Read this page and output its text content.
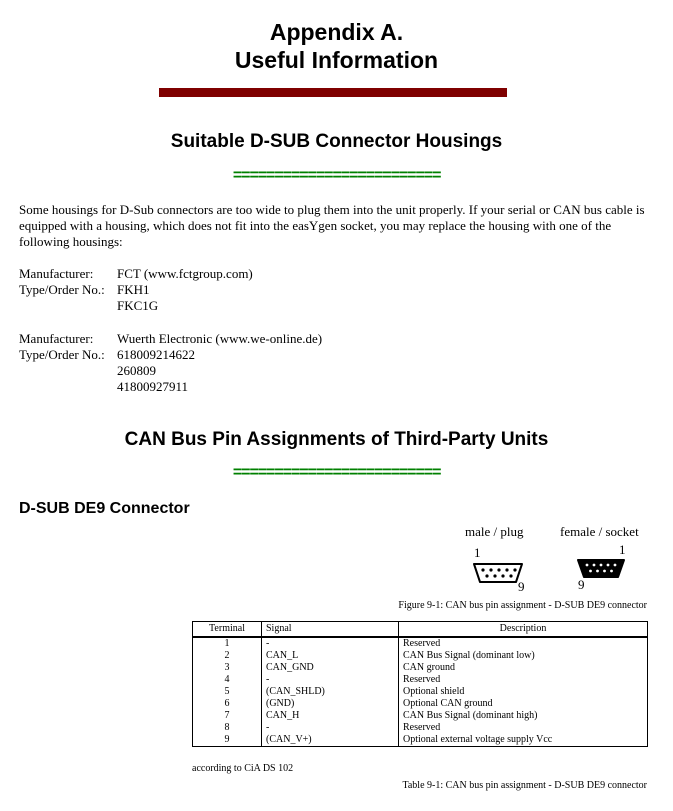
Appendix A.
Useful Information
Suitable D-SUB Connector Housings
=========================
Some housings for D-Sub connectors are too wide to plug them into the unit properly. If your serial or CAN bus cable is equipped with a housing, which does not fit into the easYgen socket, you may replace the housing with one of the following housings:
Manufacturer:	FCT (www.fctgroup.com)
Type/Order No.: FKH1
FKC1G
Manufacturer:	Wuerth Electronic (www.we-online.de)
Type/Order No.: 618009214622
260809
41800927911
CAN Bus Pin Assignments of Third-Party Units
=========================
D-SUB DE9 Connector
male / plug	female / socket
1
9
1
9
Figure 9-1: CAN bus pin assignment - D-SUB DE9 connector
Terminal	Signal	Description
1	-	Reserved
2	CAN_L	CAN Bus Signal (dominant low)
3	CAN_GND	CAN ground
4	-	Reserved
5	(CAN_SHLD)	Optional shield
6	(GND)	Optional CAN ground
7	CAN_H	CAN Bus Signal (dominant high)
8	-	Reserved
9	(CAN_V+)	Optional external voltage supply Vcc
according to CiA DS 102
Table 9-1: CAN bus pin assignment - D-SUB DE9 connector
